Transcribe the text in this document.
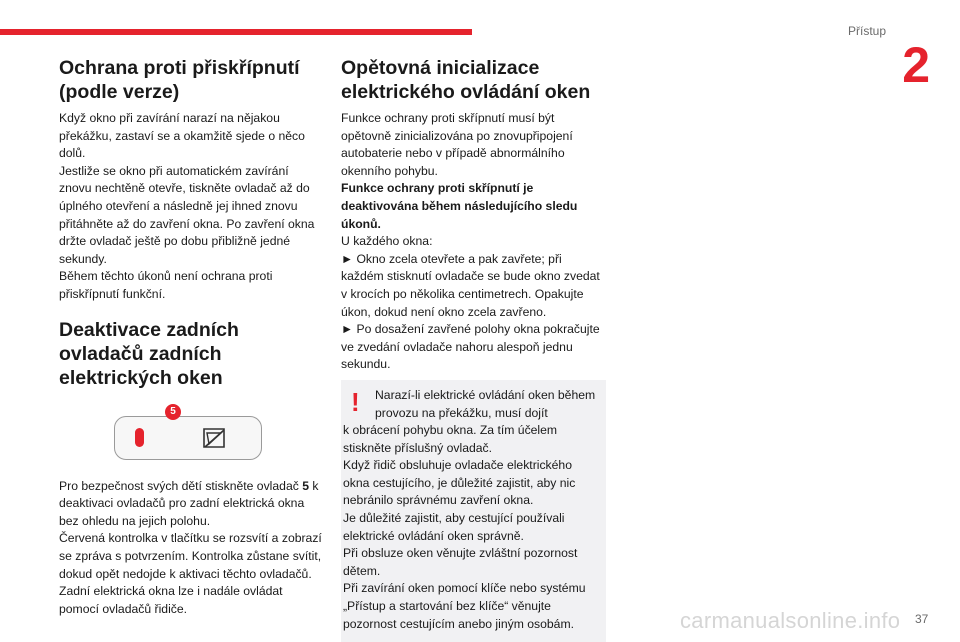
Přístup
2
Ochrana proti přiskřípnutí (podle verze)

Když okno při zavírání narazí na nějakou překážku, zastaví se a okamžitě sjede o něco dolů.

Jestliže se okno při automatickém zavírání znovu nechtěně otevře, tiskněte ovladač až do úplného otevření a následně jej ihned znovu přitáhněte až do zavření okna. Po zavření okna držte ovladač ještě po dobu přibližně jedné sekundy.

Během těchto úkonů není ochrana proti přiskřípnutí funkční.

Deaktivace zadních ovladačů zadních elektrických oken
5

Pro bezpečnost svých dětí stiskněte ovladač 5 k deaktivaci ovladačů pro zadní elektrická okna bez ohledu na jejich polohu.

Červená kontrolka v tlačítku se rozsvítí a zobrazí se zpráva s potvrzením. Kontrolka zůstane svítit, dokud opět nedojde k aktivaci těchto ovladačů.

Zadní elektrická okna lze i nadále ovládat pomocí ovladačů řidiče.

Opětovná inicializace elektrického ovládání oken

Funkce ochrany proti skřípnutí musí být opětovně zinicializována po znovupřipojení autobaterie nebo v případě abnormálního okenního pohybu.

Funkce ochrany proti skřípnutí je deaktivována během následujícího sledu úkonů.

U každého okna:

► Okno zcela otevřete a pak zavřete; při každém stisknutí ovladače se bude okno zvedat v krocích po několika centimetrech. Opakujte úkon, dokud není okno zcela zavřeno.

► Po dosažení zavřené polohy okna pokračujte ve zvedání ovladače nahoru alespoň jednu sekundu.

!	Narazí-li elektrické ovládání oken během provozu na překážku, musí dojít

k obrácení pohybu okna. Za tím účelem stiskněte příslušný ovladač.

Když řidič obsluhuje ovladače elektrického okna cestujícího, je důležité zajistit, aby nic nebránilo správnému zavření okna.

Je důležité zajistit, aby cestující používali elektrické ovládání oken správně.

Při obsluze oken věnujte zvláštní pozornost dětem.

Při zavírání oken pomocí klíče nebo systému „Přístup a startování bez klíče“ věnujte pozornost cestujícím anebo jiným osobám.	carmanualsonline.info 37
